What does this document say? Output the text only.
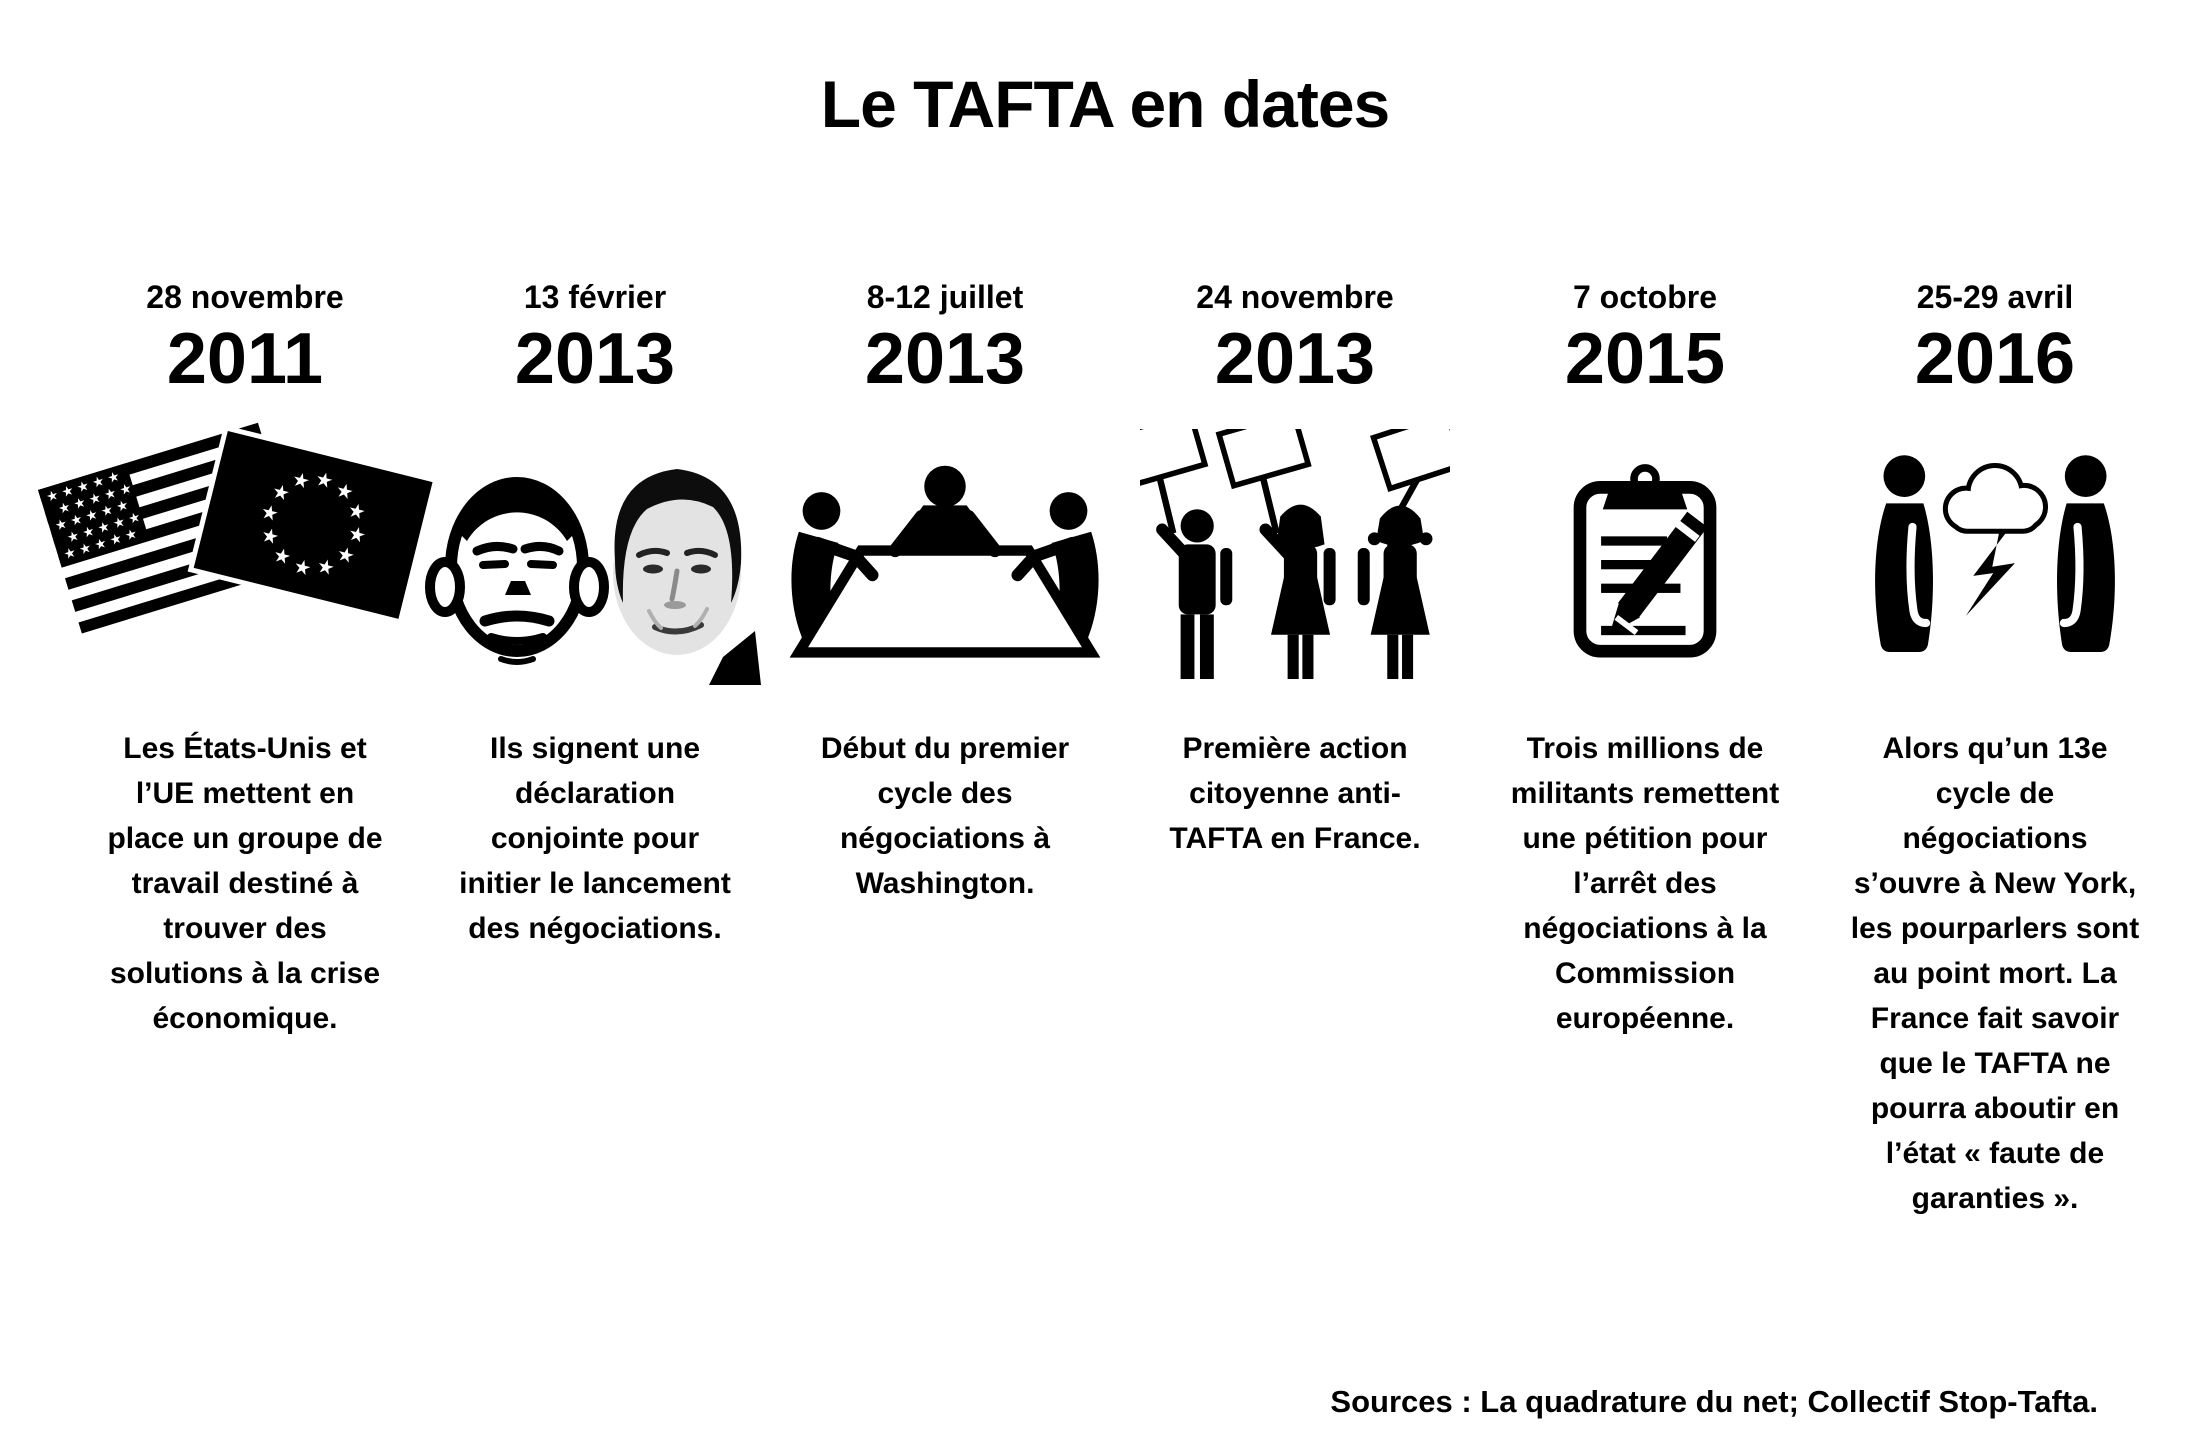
Le TAFTA en dates
28 novembre
2011
Les États-Unis et l’UE mettent en place un groupe de travail destiné à trouver des solutions à la crise économique.
13 février
2013
Ils signent une déclaration conjointe pour initier le lancement des négociations.
8-12 juillet
2013
Début du premier cycle des négociations à Washington.
24 novembre
2013
Première action citoyenne anti-TAFTA en France.
7 octobre
2015
Trois millions de militants remettent une pétition pour l’arrêt des négociations à la Commission européenne.
25-29 avril
2016
Alors qu’un 13e cycle de négociations s’ouvre à New York, les pourparlers sont au point mort. La France fait savoir que le TAFTA ne pourra aboutir en l’état « faute de garanties ».
Sources : La quadrature du net; Collectif Stop-Tafta.
